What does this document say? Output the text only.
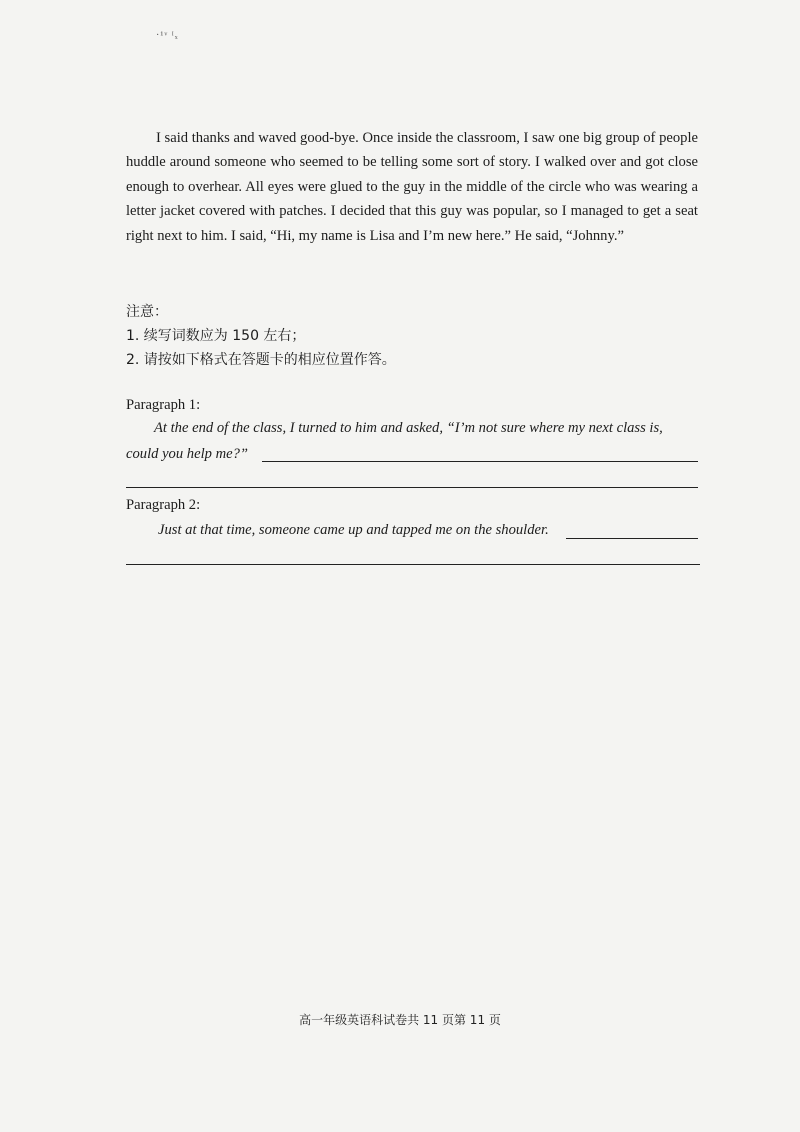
·¹ᵛ ᴵₓ

I said thanks and waved good-bye. Once inside the classroom, I saw one big group of people huddle around someone who seemed to be telling some sort of story. I walked over and got close enough to overhear. All eyes were glued to the guy in the middle of the circle who was wearing a letter jacket covered with patches. I decided that this guy was popular, so I managed to get a seat right next to him. I said, “Hi, my name is Lisa and I’m new here.” He said, “Johnny.”

注意：
1. 续写词数应为 150 左右；
2. 请按如下格式在答题卡的相应位置作答。
Paragraph 1:
At the end of the class, I turned to him and asked, “I’m not sure where my next class is,
could you help me?”
Paragraph 2:
Just at that time, someone came up and tapped me on the shoulder.
高一年级英语科试卷共 11 页第 11 页
